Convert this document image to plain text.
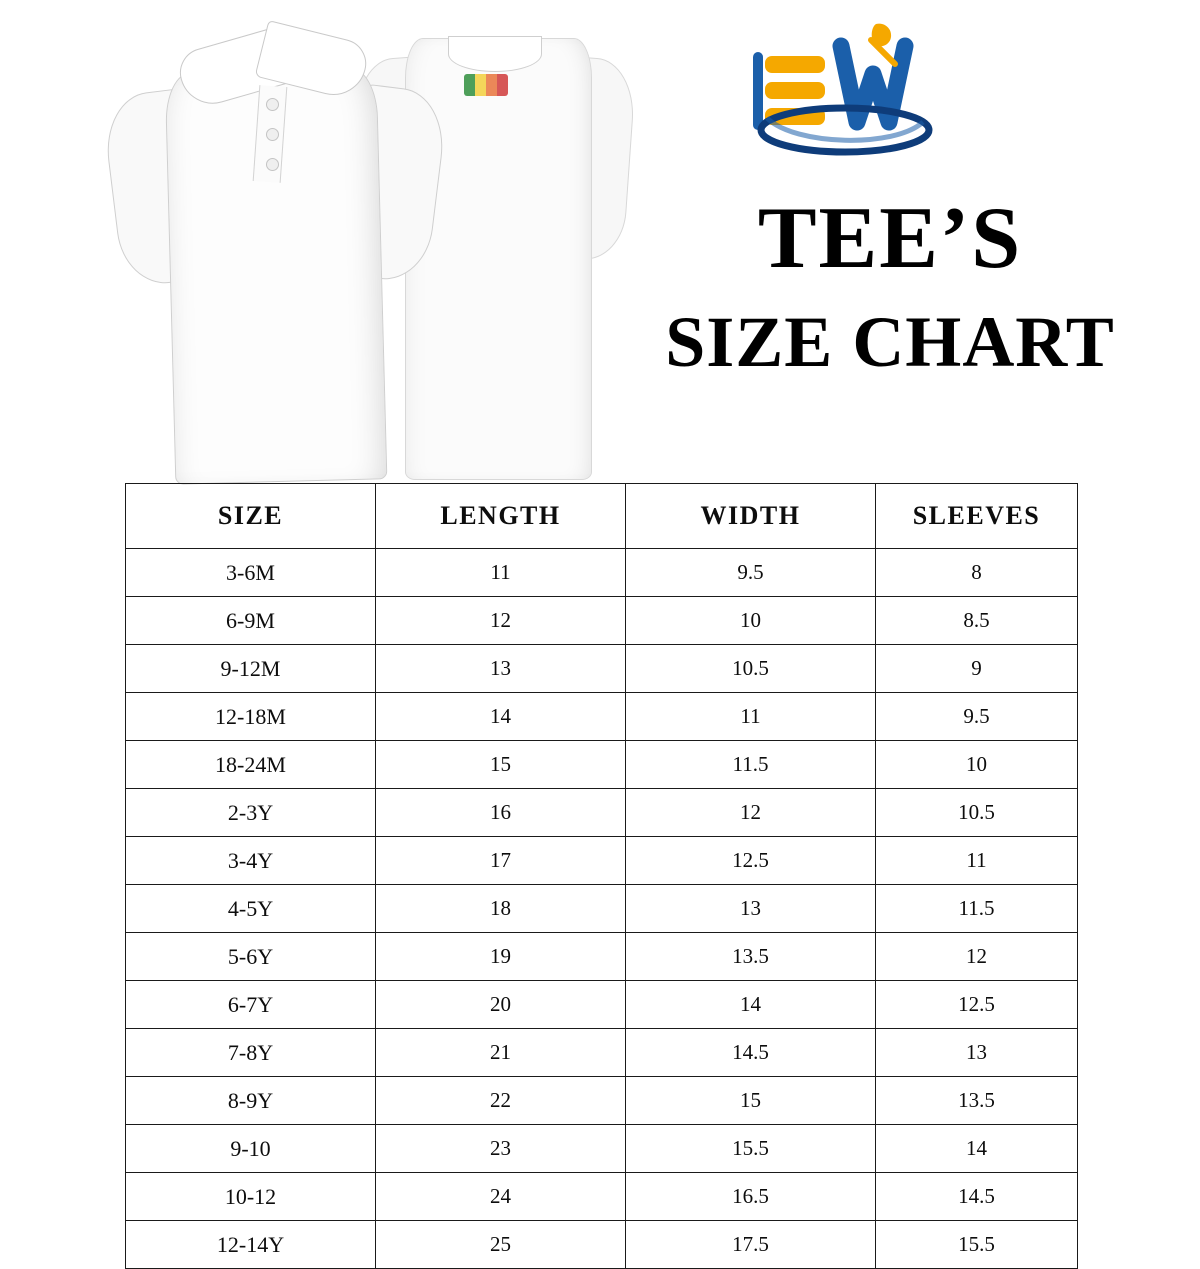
TEE’S
SIZE CHART
SIZE	LENGTH	WIDTH	SLEEVES
3-6M	11	9.5	8
6-9M	12	10	8.5
9-12M	13	10.5	9
12-18M	14	11	9.5
18-24M	15	11.5	10
2-3Y	16	12	10.5
3-4Y	17	12.5	11
4-5Y	18	13	11.5
5-6Y	19	13.5	12
6-7Y	20	14	12.5
7-8Y	21	14.5	13
8-9Y	22	15	13.5
9-10	23	15.5	14
10-12	24	16.5	14.5
12-14Y	25	17.5	15.5
